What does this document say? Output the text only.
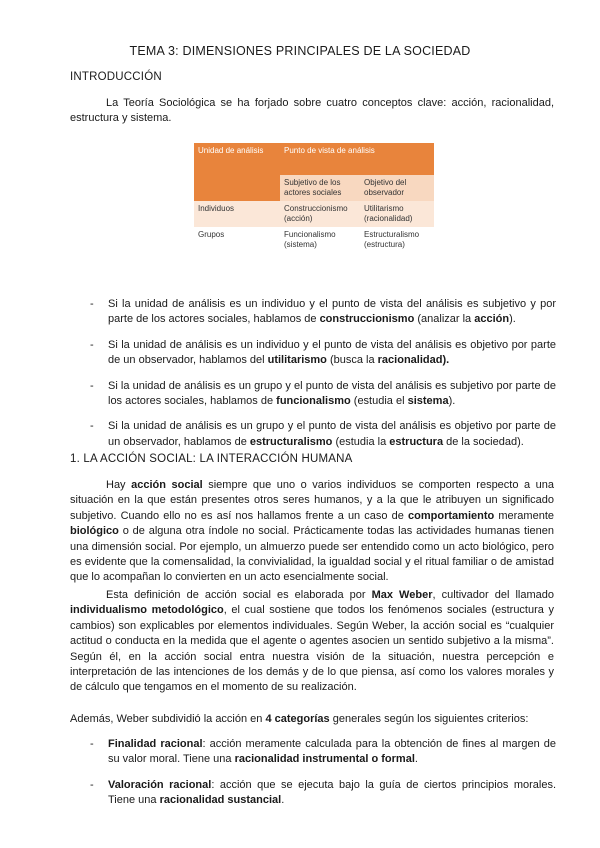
TEMA 3: DIMENSIONES PRINCIPALES DE LA SOCIEDAD
INTRODUCCIÓN
La Teoría Sociológica se ha forjado sobre cuatro conceptos clave: acción, racionalidad, estructura y sistema.
Unidad de análisis	Punto de vista de análisis	
	Subjetivo de los actores sociales	Objetivo del observador
Individuos	Construccionismo (acción)	Utilitarismo (racionalidad)
Grupos	Funcionalismo (sistema)	Estructuralismo (estructura)
- Si la unidad de análisis es un individuo y el punto de vista del análisis es subjetivo y por parte de los actores sociales, hablamos de construccionismo (analizar la acción).
- Si la unidad de análisis es un individuo y el punto de vista del análisis es objetivo por parte de un observador, hablamos del utilitarismo (busca la racionalidad).
- Si la unidad de análisis es un grupo y el punto de vista del análisis es subjetivo por parte de los actores sociales, hablamos de funcionalismo (estudia el sistema).
- Si la unidad de análisis es un grupo y el punto de vista del análisis es objetivo por parte de un observador, hablamos de estructuralismo (estudia la estructura de la sociedad).
1. LA ACCIÓN SOCIAL: LA INTERACCIÓN HUMANA
Hay acción social siempre que uno o varios individuos se comporten respecto a una situación en la que están presentes otros seres humanos, y a la que le atribuyen un significado subjetivo. Cuando ello no es así nos hallamos frente a un caso de comportamiento meramente biológico o de alguna otra índole no social. Prácticamente todas las actividades humanas tienen una dimensión social. Por ejemplo, un almuerzo puede ser entendido como un acto biológico, pero es evidente que la comensalidad, la convivialidad, la igualdad social y el ritual familiar o de amistad que lo acompañan lo convierten en un acto esencialmente social.
Esta definición de acción social es elaborada por Max Weber, cultivador del llamado individualismo metodológico, el cual sostiene que todos los fenómenos sociales (estructura y cambios) son explicables por elementos individuales. Según Weber, la acción social es “cualquier actitud o conducta en la medida que el agente o agentes asocien un sentido subjetivo a la misma”. Según él, en la acción social entra nuestra visión de la situación, nuestra percepción e interpretación de las intenciones de los demás y de lo que piensa, así como los valores morales y de cálculo que tengamos en el momento de su realización.
Además, Weber subdividió la acción en 4 categorías generales según los siguientes criterios:
- Finalidad racional: acción meramente calculada para la obtención de fines al margen de su valor moral. Tiene una racionalidad instrumental o formal.
- Valoración racional: acción que se ejecuta bajo la guía de ciertos principios morales. Tiene una racionalidad sustancial.
